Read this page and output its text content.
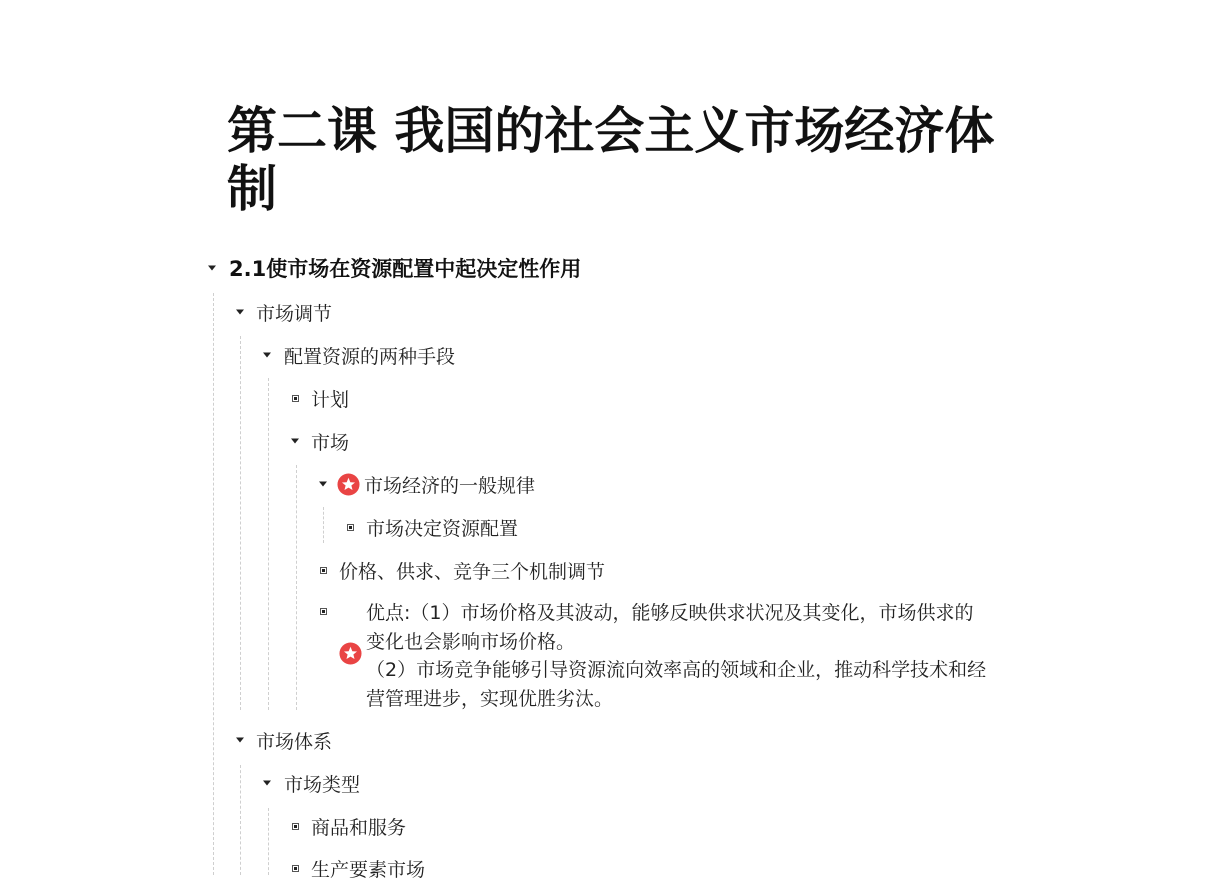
第二课 我国的社会主义市场经济体制
2.1使市场在资源配置中起决定性作用
市场调节
配置资源的两种手段
计划
市场
市场经济的一般规律
市场决定资源配置
价格、供求、竞争三个机制调节
优点:（1）市场价格及其波动，能够反映供求状况及其变化，市场供求的变化也会影响市场价格。
（2）市场竞争能够引导资源流向效率高的领域和企业，推动科学技术和经营管理进步，实现优胜劣汰。
市场体系
市场类型
商品和服务
生产要素市场
